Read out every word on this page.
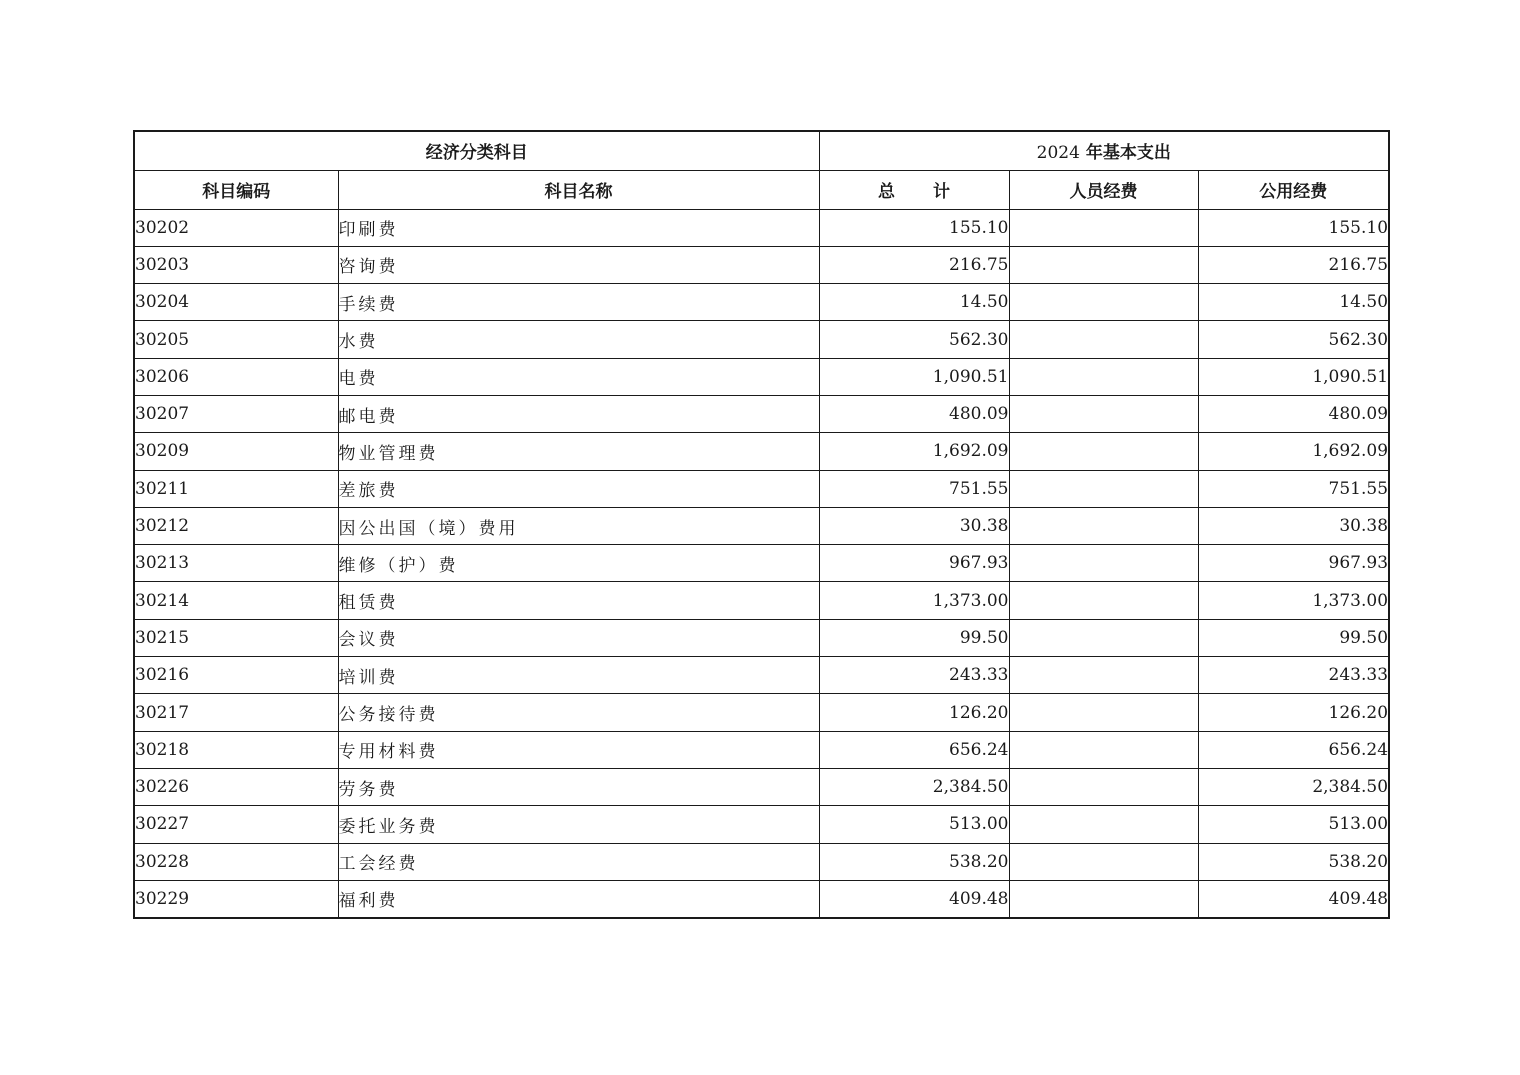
经济分类科目		2024 年基本支出		
科目编码	科目名称	总 计	人员经费	公用经费
30202	印刷费	155.10		155.10
30203	咨询费	216.75		216.75
30204	手续费	14.50		14.50
30205	水费	562.30		562.30
30206	电费	1,090.51		1,090.51
30207	邮电费	480.09		480.09
30209	物业管理费	1,692.09		1,692.09
30211	差旅费	751.55		751.55
30212	因公出国（境）费用	30.38		30.38
30213	维修（护）费	967.93		967.93
30214	租赁费	1,373.00		1,373.00
30215	会议费	99.50		99.50
30216	培训费	243.33		243.33
30217	公务接待费	126.20		126.20
30218	专用材料费	656.24		656.24
30226	劳务费	2,384.50		2,384.50
30227	委托业务费	513.00		513.00
30228	工会经费	538.20		538.20
30229	福利费	409.48		409.48
